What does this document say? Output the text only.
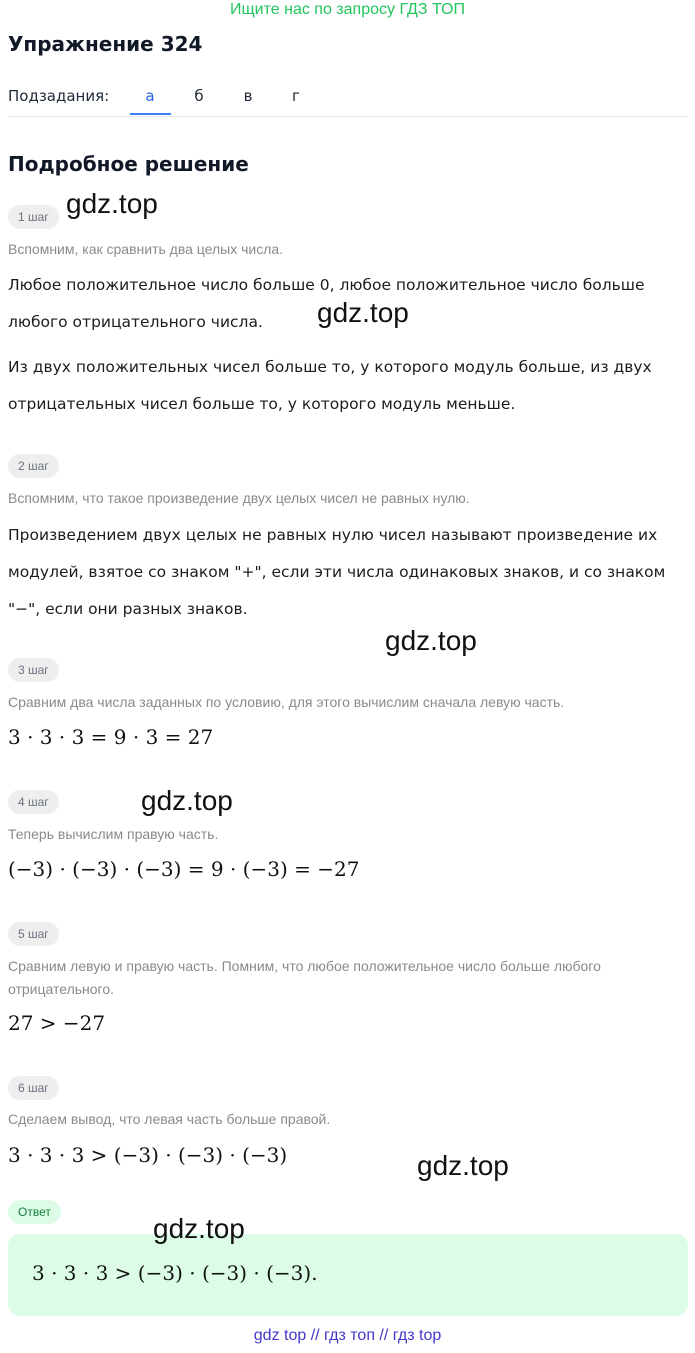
Ищите нас по запросу ГДЗ ТОП
Упражнение 324
Подзадания:	а	б	в	г
Подробное решение
1 шаг
Вспомним, как сравнить два целых числа.
Любое положительное число больше 0, любое положительное число больше любого отрицательного числа.
Из двух положительных чисел больше то, у которого модуль больше, из двух отрицательных чисел больше то, у которого модуль меньше.
2 шаг
Вспомним, что такое произведение двух целых чисел не равных нулю.
Произведением двух целых не равных нулю чисел называют произведение их модулей, взятое со знаком "+", если эти числа одинаковых знаков, и со знаком "−", если они разных знаков.
3 шаг
Сравним два числа заданных по условию, для этого вычислим сначала левую часть.
3 · 3 · 3 = 9 · 3 = 27
4 шаг
Теперь вычислим правую часть.
(−3) · (−3) · (−3) = 9 · (−3) = −27
5 шаг
Сравним левую и правую часть. Помним, что любое положительное число больше любого отрицательного.
27 > −27
6 шаг
Сделаем вывод, что левая часть больше правой.
3 · 3 · 3 > (−3) · (−3) · (−3)
Ответ
3 · 3 · 3 > (−3) · (−3) · (−3).
gdz.top
gdz.top
gdz.top
gdz.top
gdz.top
gdz.top
gdz top // гдз топ // гдз top
